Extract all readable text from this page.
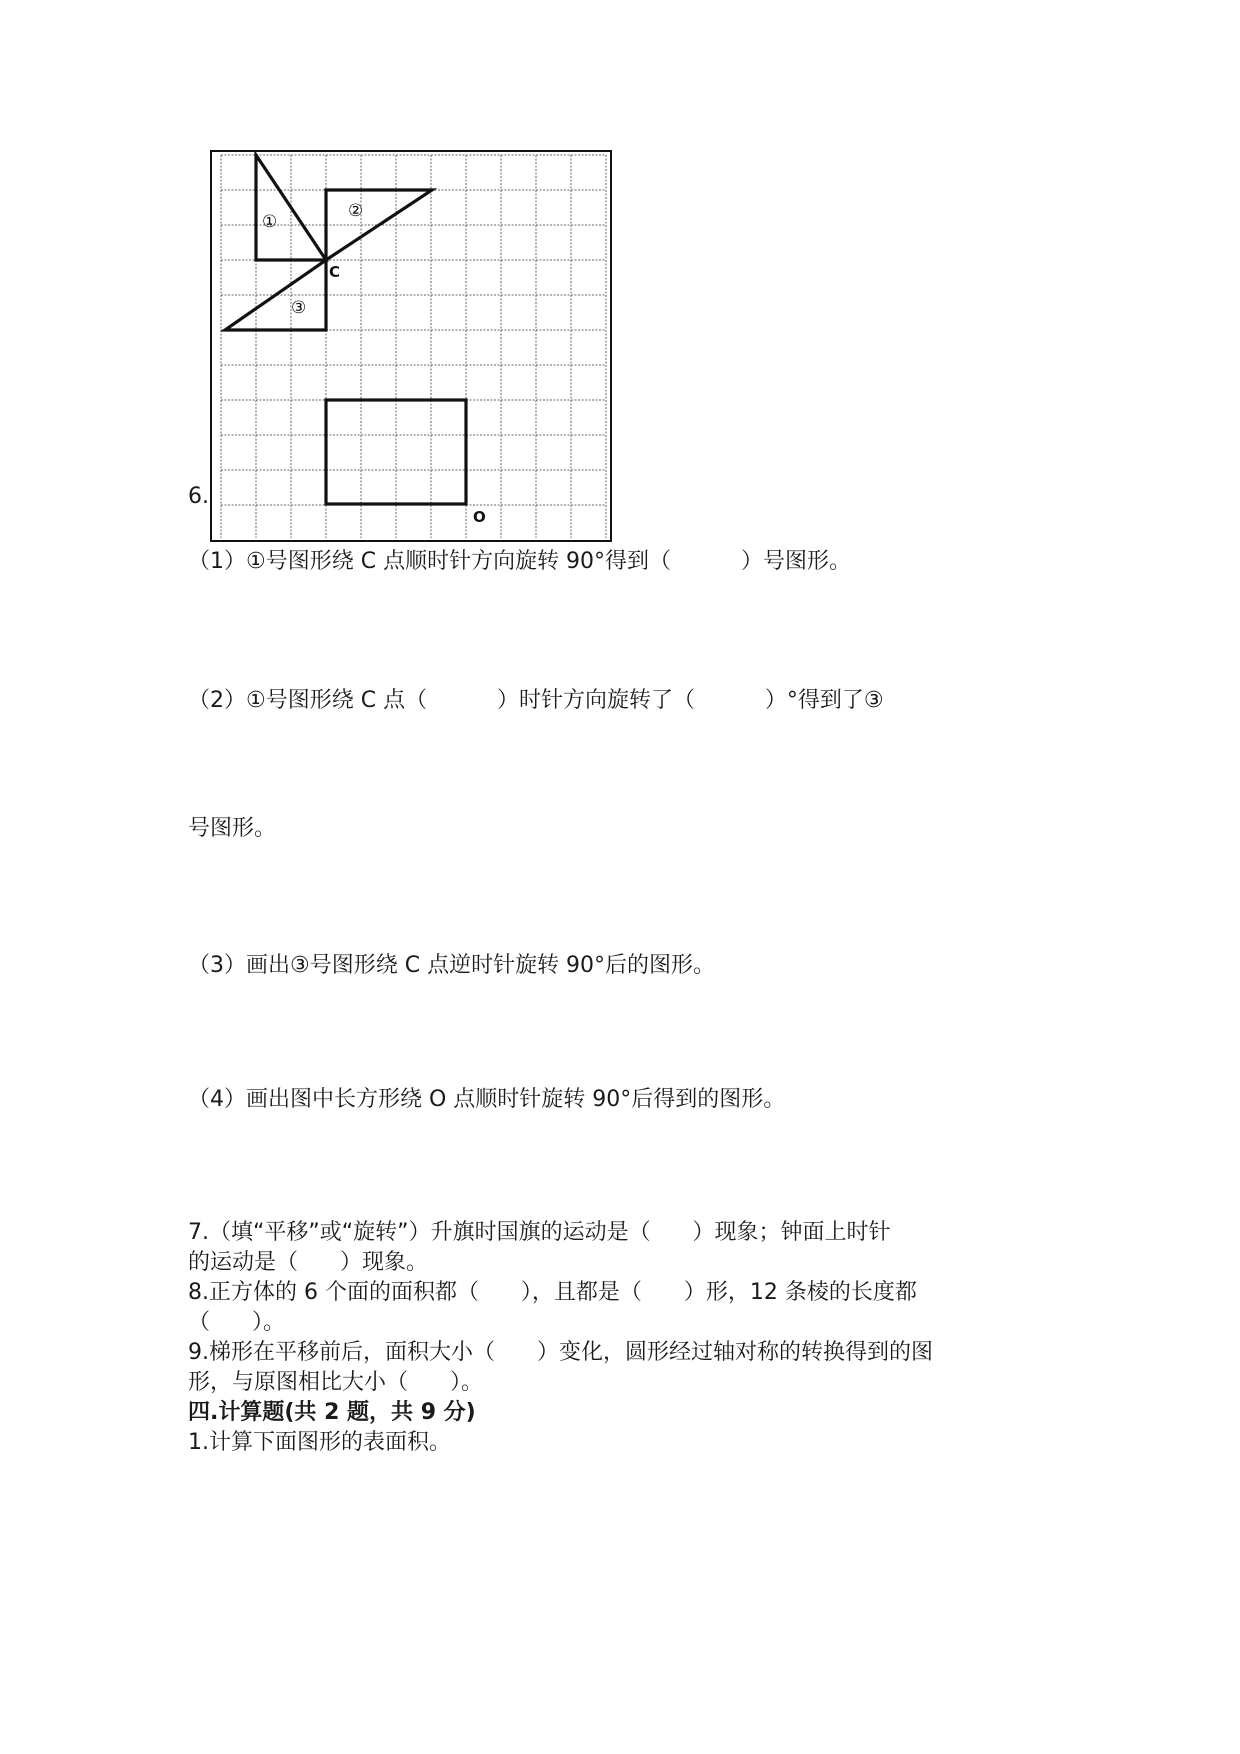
6.
①
②
③
C
O

（1）①号图形绕 C 点顺时针方向旋转 90°得到（          ）号图形。

（2）①号图形绕 C 点（          ）时针方向旋转了（          ）°得到了③

号图形。

（3）画出③号图形绕 C 点逆时针旋转 90°后的图形。

（4）画出图中长方形绕 O 点顺时针旋转 90°后得到的图形。

7.（填“平移”或“旋转”）升旗时国旗的运动是（      ）现象；钟面上时针

的运动是（      ）现象。

8.正方体的 6 个面的面积都（      ），且都是（      ）形，12 条棱的长度都

（      ）。

9.梯形在平移前后，面积大小（      ）变化，圆形经过轴对称的转换得到的图

形，与原图相比大小（      ）。

四.计算题(共 2 题，共 9 分)

1.计算下面图形的表面积。
